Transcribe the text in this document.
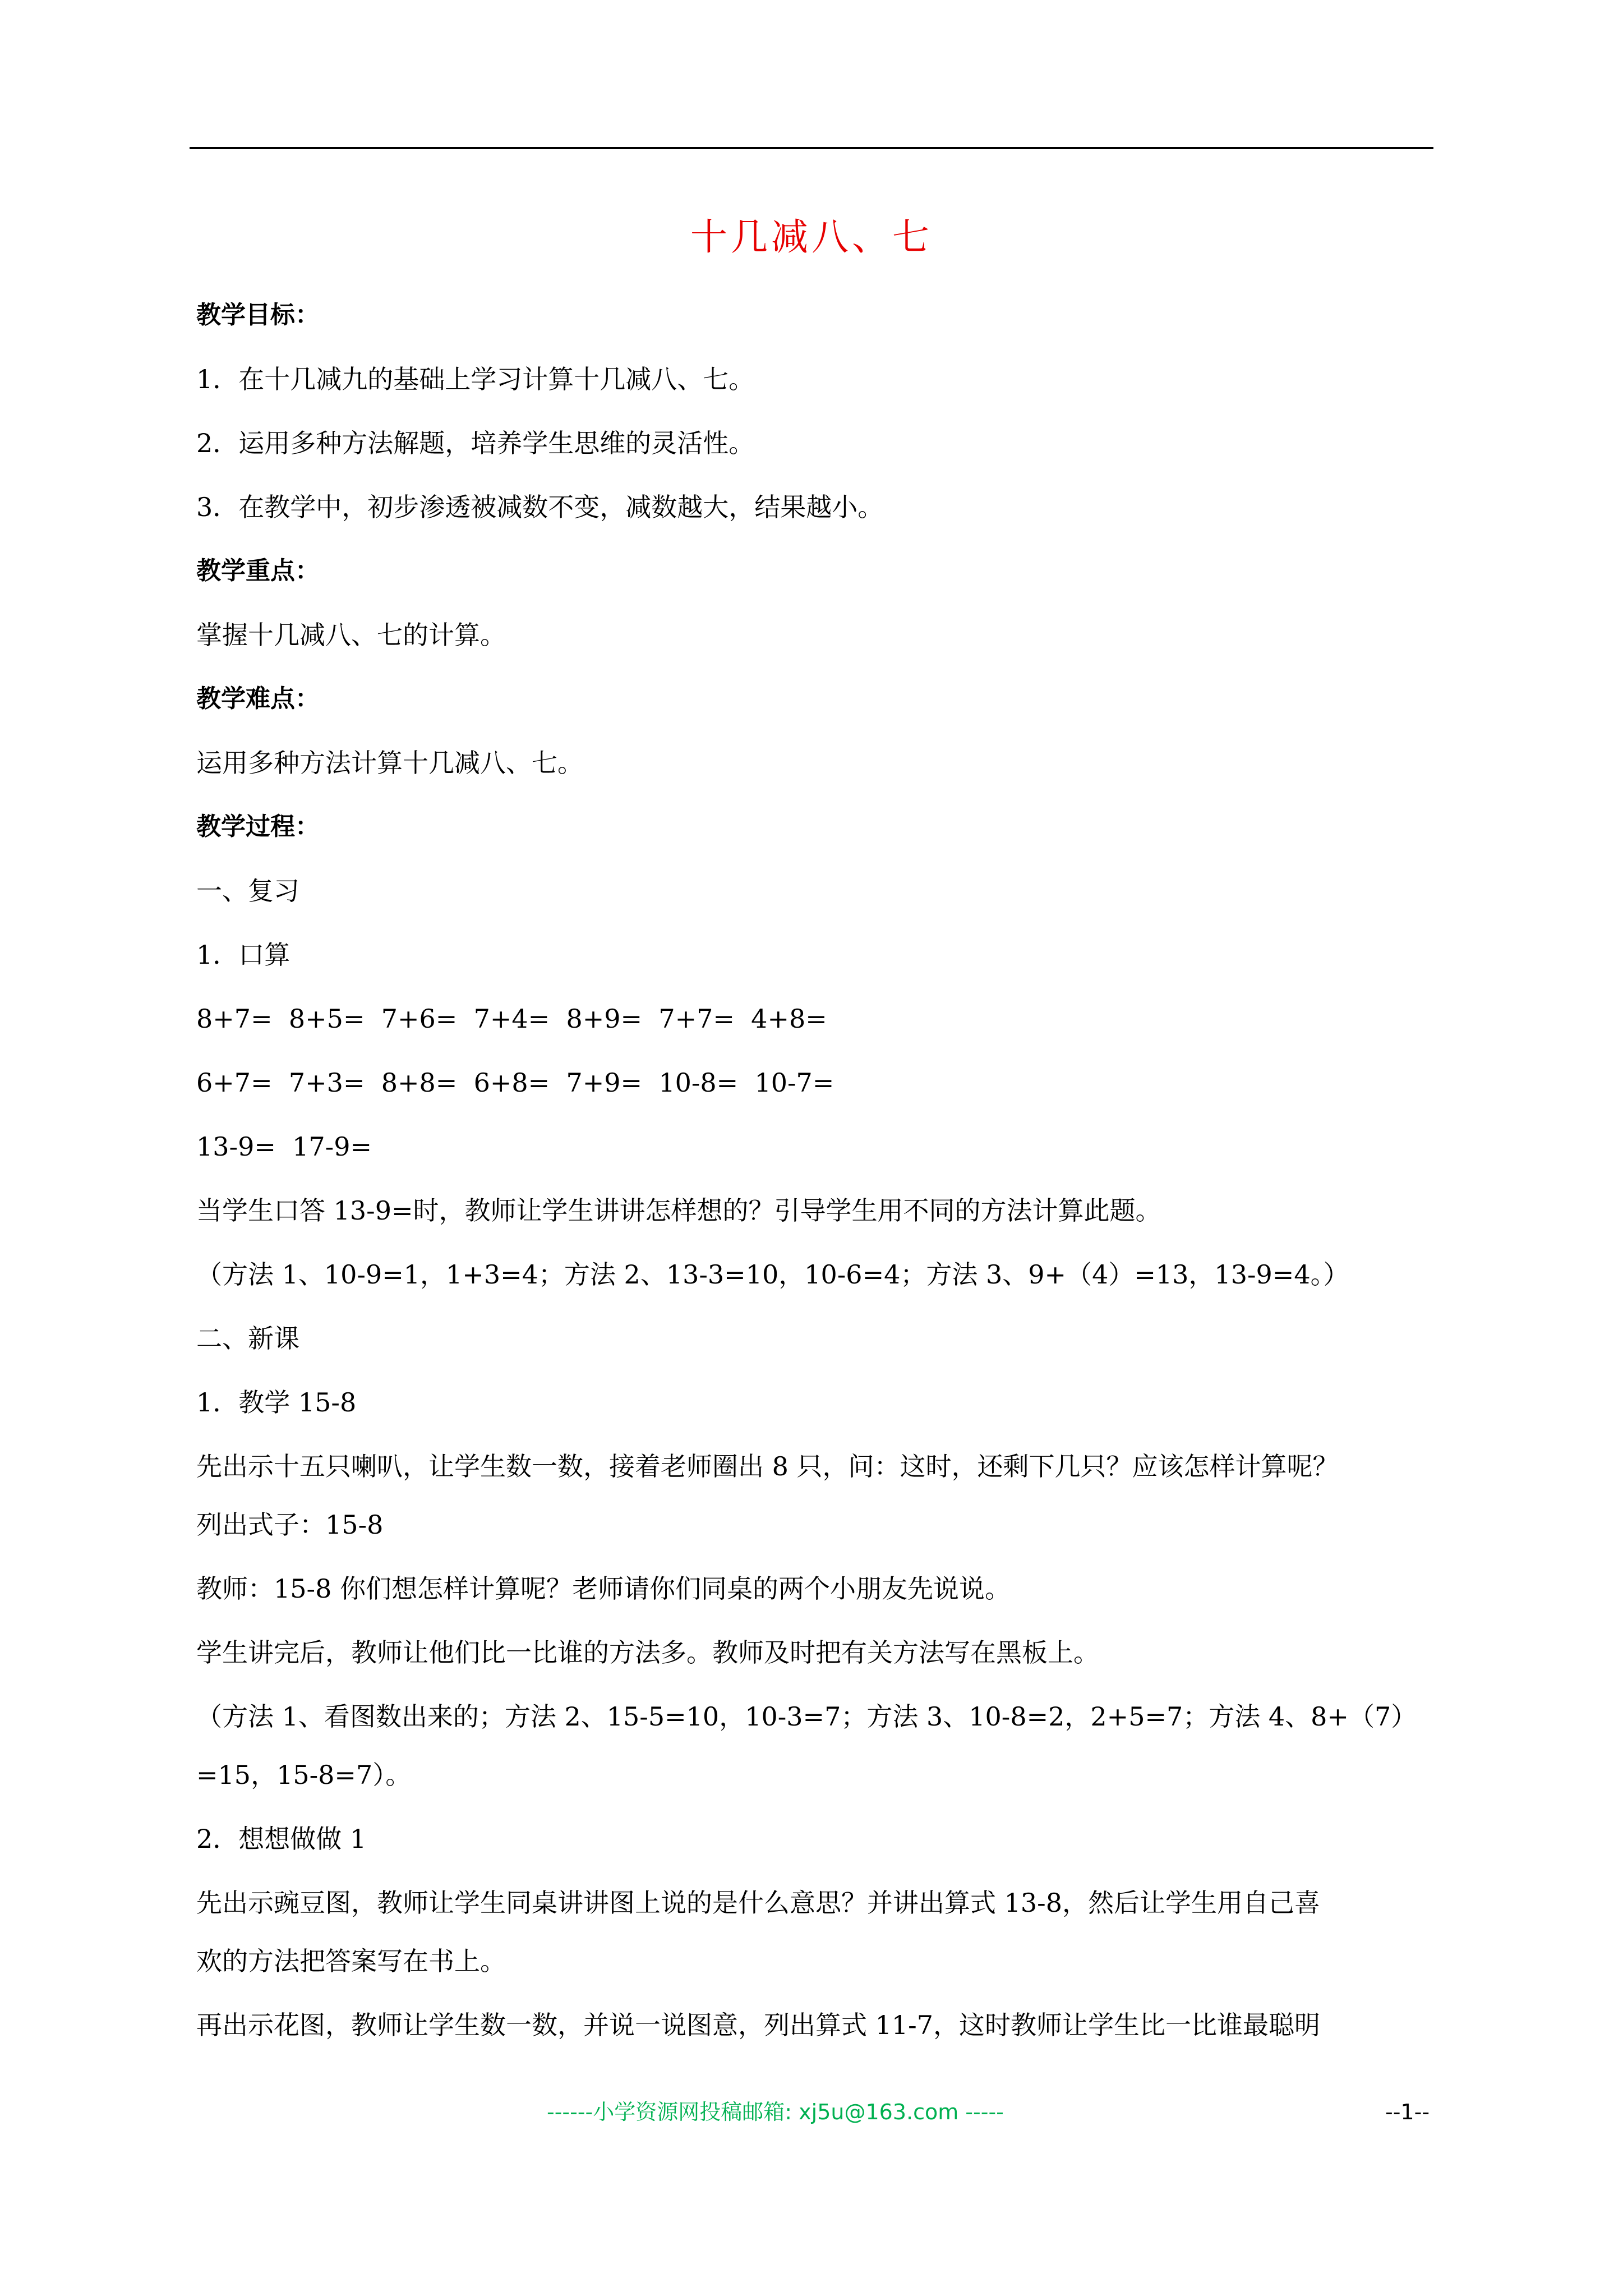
十几减八、七
教学目标：
1．在十几减九的基础上学习计算十几减八、七。
2．运用多种方法解题，培养学生思维的灵活性。
3．在教学中，初步渗透被减数不变，减数越大，结果越小。
教学重点：
掌握十几减八、七的计算。
教学难点：
运用多种方法计算十几减八、七。
教学过程：
一、复习
1．口算
8+7=  8+5=  7+6=  7+4=  8+9=  7+7=  4+8=
6+7=  7+3=  8+8=  6+8=  7+9=  10-8=  10-7=
13-9=  17-9=
当学生口答 13-9=时，教师让学生讲讲怎样想的？引导学生用不同的方法计算此题。
（方法 1、10-9=1，1+3=4；方法 2、13-3=10，10-6=4；方法 3、9+（4）=13，13-9=4。）
二、新课
1．教学 15-8
先出示十五只喇叭，让学生数一数，接着老师圈出 8 只，问：这时，还剩下几只？应该怎样计算呢？
列出式子：15-8
教师：15-8 你们想怎样计算呢？老师请你们同桌的两个小朋友先说说。
学生讲完后，教师让他们比一比谁的方法多。教师及时把有关方法写在黑板上。
（方法 1、看图数出来的；方法 2、15-5=10，10-3=7；方法 3、10-8=2，2+5=7；方法 4、8+（7）
=15，15-8=7）。
2．想想做做 1
先出示豌豆图，教师让学生同桌讲讲图上说的是什么意思？并讲出算式 13-8，然后让学生用自己喜
欢的方法把答案写在书上。
再出示花图，教师让学生数一数，并说一说图意，列出算式 11-7，这时教师让学生比一比谁最聪明
------小学资源网投稿邮箱: xj5u@163.com -----	--1--
